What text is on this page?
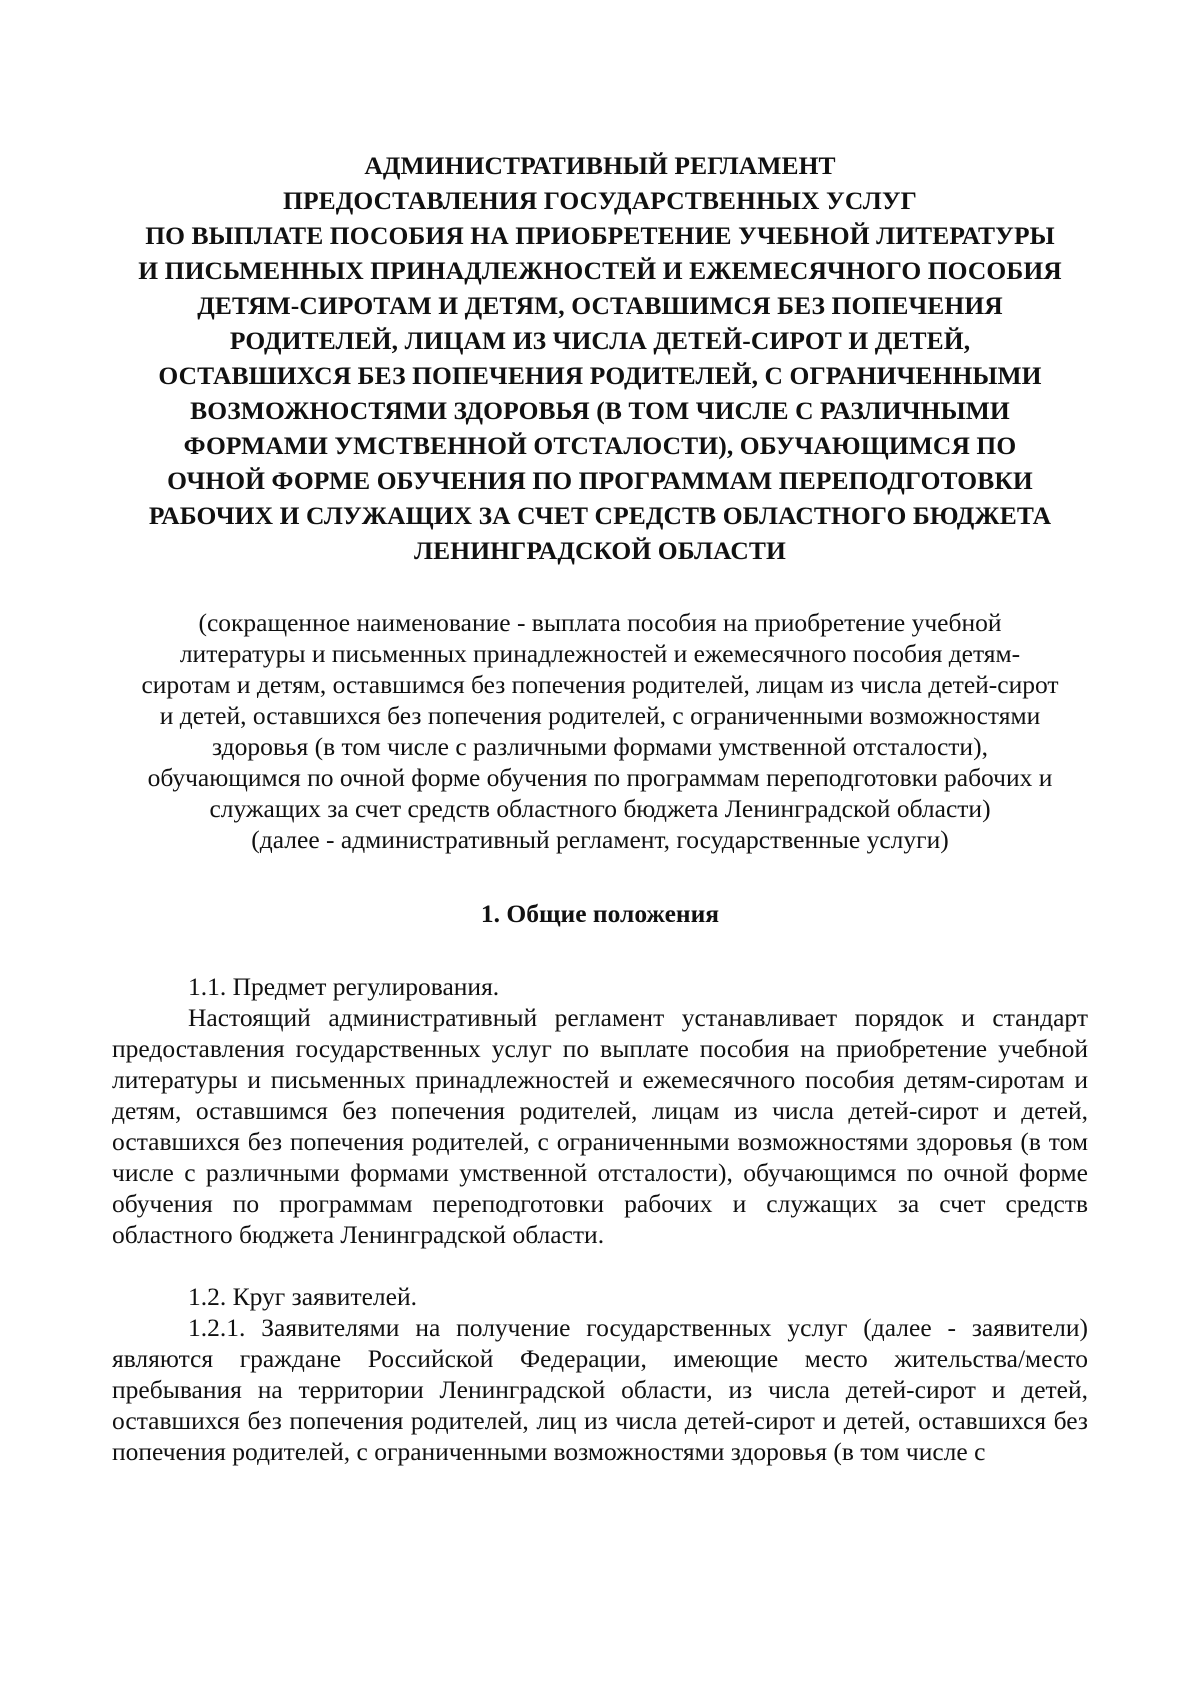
АДМИНИСТРАТИВНЫЙ РЕГЛАМЕНТ
ПРЕДОСТАВЛЕНИЯ ГОСУДАРСТВЕННЫХ УСЛУГ
ПО ВЫПЛАТЕ ПОСОБИЯ НА ПРИОБРЕТЕНИЕ УЧЕБНОЙ ЛИТЕРАТУРЫ
И ПИСЬМЕННЫХ ПРИНАДЛЕЖНОСТЕЙ И ЕЖЕМЕСЯЧНОГО ПОСОБИЯ
ДЕТЯМ-СИРОТАМ И ДЕТЯМ, ОСТАВШИМСЯ БЕЗ ПОПЕЧЕНИЯ
РОДИТЕЛЕЙ, ЛИЦАМ ИЗ ЧИСЛА ДЕТЕЙ-СИРОТ И ДЕТЕЙ,
ОСТАВШИХСЯ БЕЗ ПОПЕЧЕНИЯ РОДИТЕЛЕЙ, С ОГРАНИЧЕННЫМИ
ВОЗМОЖНОСТЯМИ ЗДОРОВЬЯ (В ТОМ ЧИСЛЕ С РАЗЛИЧНЫМИ
ФОРМАМИ УМСТВЕННОЙ ОТСТАЛОСТИ), ОБУЧАЮЩИМСЯ ПО
ОЧНОЙ ФОРМЕ ОБУЧЕНИЯ ПО ПРОГРАММАМ ПЕРЕПОДГОТОВКИ
РАБОЧИХ И СЛУЖАЩИХ ЗА СЧЕТ СРЕДСТВ ОБЛАСТНОГО БЮДЖЕТА
ЛЕНИНГРАДСКОЙ ОБЛАСТИ
(сокращенное наименование - выплата пособия на приобретение учебной
литературы и письменных принадлежностей и ежемесячного пособия детям-
сиротам и детям, оставшимся без попечения родителей, лицам из числа детей-сирот
и детей, оставшихся без попечения родителей, с ограниченными возможностями
здоровья (в том числе с различными формами умственной отсталости),
обучающимся по очной форме обучения по программам переподготовки рабочих и
служащих за счет средств областного бюджета Ленинградской области)
(далее - административный регламент, государственные услуги)
1. Общие положения

1.1. Предмет регулирования.

Настоящий административный регламент устанавливает порядок и стандарт предоставления государственных услуг по выплате пособия на приобретение учебной литературы и письменных принадлежностей и ежемесячного пособия детям-сиротам и детям, оставшимся без попечения родителей, лицам из числа детей-сирот и детей, оставшихся без попечения родителей, с ограниченными возможностями здоровья (в том числе с различными формами умственной отсталости), обучающимся по очной форме обучения по программам переподготовки рабочих и служащих за счет средств областного бюджета Ленинградской области.

1.2. Круг заявителей.

1.2.1. Заявителями на получение государственных услуг (далее - заявители) являются граждане Российской Федерации, имеющие место жительства/место пребывания на территории Ленинградской области, из числа детей-сирот и детей, оставшихся без попечения родителей, лиц из числа детей-сирот и детей, оставшихся без попечения родителей, с ограниченными возможностями здоровья (в том числе с
